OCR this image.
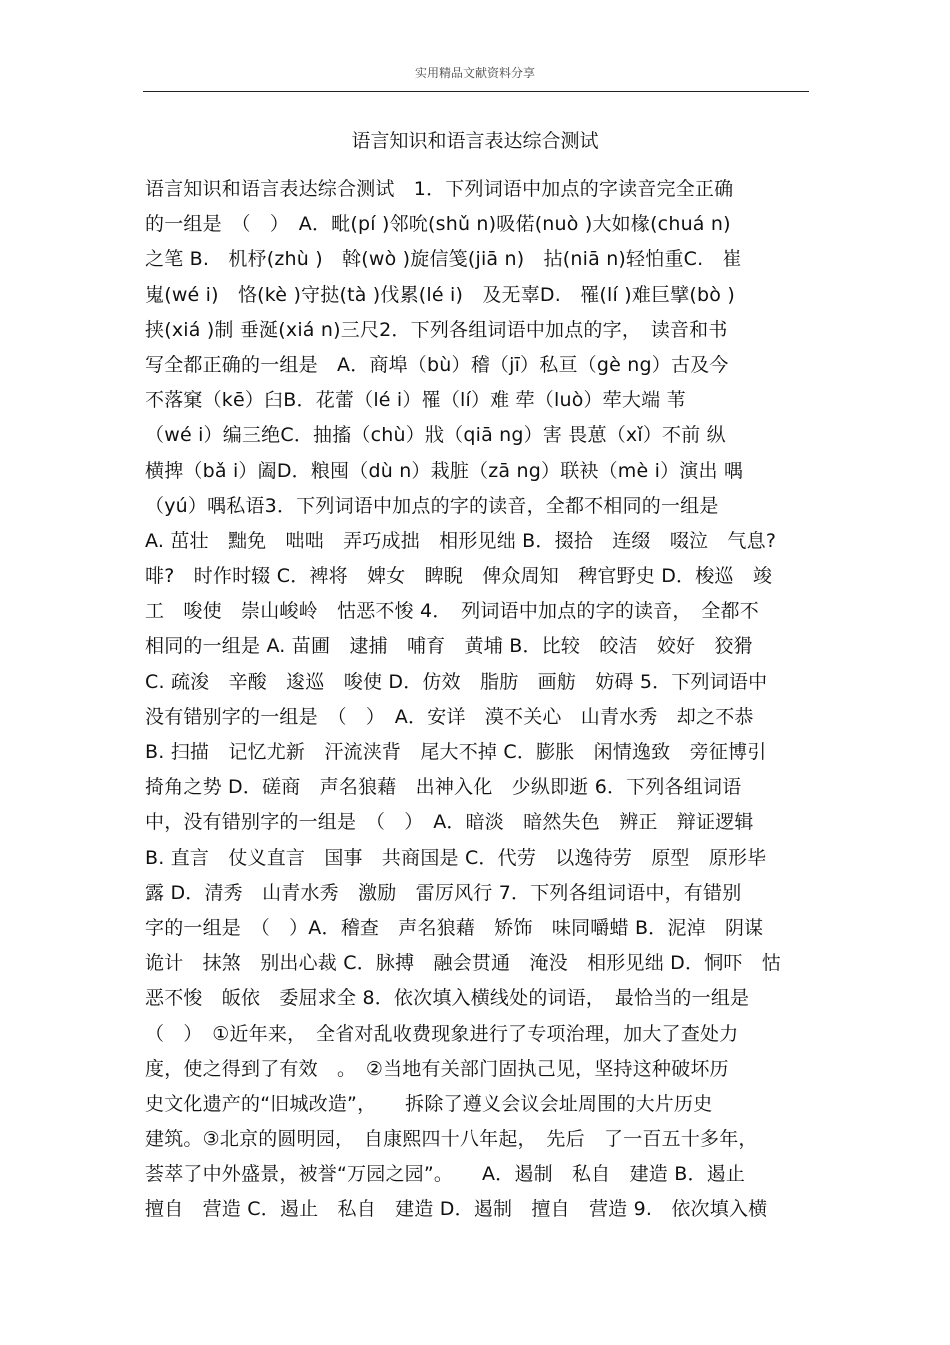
实用精品文献资料分享
语言知识和语言表达综合测试
语言知识和语言表达综合测试　1．下列词语中加点的字读音完全正确
的一组是　（　）　A．毗(pí )邻吮(shǔ n)吸偌(nuò )大如椽(chuá n)
之笔 B.　机杼(zhù )　斡(wò )旋信笺(jiā n)　拈(niā n)轻怕重C.　崔
嵬(wé i)　恪(kè )守挞(tà )伐累(lé i)　及无辜D.　罹(lí )难巨擘(bò )
挟(xiá )制 垂涎(xiá n)三尺2．下列各组词语中加点的字，　读音和书
写全都正确的一组是　A．商埠（bù）稽（jī）私亘（gè ng）古及今
不落窠（kē）臼B．花蕾（lé i）罹（lí）难 荦（luò）荦大端 苇
（wé i）编三绝C．抽搐（chù）戕（qiā ng）害 畏葸（xǐ）不前 纵
横捭（bǎ i）阖D．粮囤（dù n）栽脏（zā ng）联袂（mè i）演出 喁
（yú）喁私语3．下列词语中加点的字的读音，全都不相同的一组是
A. 茁壮　黜免　咄咄　弄巧成拙　相形见绌 B．掇拾　连缀　啜泣　气息?
啡?　时作时辍 C．裨将　婢女　睥睨　俾众周知　稗官野史 D．梭巡　竣
工　唆使　崇山峻岭　怙恶不悛 4．　列词语中加点的字的读音，　全都不
相同的一组是 A. 苗圃　逮捕　哺育　黄埔 B．比较　皎洁　姣好　狡猾
C. 疏浚　辛酸　逡巡　唆使 D．仿效　脂肪　画舫　妨碍 5．下列词语中
没有错别字的一组是　（　）　A．安详　漠不关心　山青水秀　却之不恭
B. 扫描　记忆尤新　汗流浃背　尾大不掉 C．膨胀　闲情逸致　旁征博引
掎角之势 D．磋商　声名狼藉　出神入化　少纵即逝 6．下列各组词语
中，没有错别字的一组是　（　）　A．暗淡　暗然失色　辨正　辩证逻辑
B. 直言　仗义直言　国事　共商国是 C．代劳　以逸待劳　原型　原形毕
露 D．清秀　山青水秀　激励　雷厉风行 7．下列各组词语中，有错别
字的一组是　（　）A．稽查　声名狼藉　矫饰　味同嚼蜡 B．泥淖　阴谋
诡计　抹煞　别出心裁 C．脉搏　融会贯通　淹没　相形见绌 D．恫吓　怙
恶不悛　皈依　委屈求全 8．依次填入横线处的词语，　最恰当的一组是
（　）　①近年来，　全省对乱收费现象进行了专项治理，加大了查处力
度，使之得到了有效　。　②当地有关部门固执己见，坚持这种破坏历
史文化遗产的“旧城改造”，　　拆除了遵义会议会址周围的大片历史
建筑。③北京的圆明园，　自康熙四十八年起，　先后　了一百五十多年，
荟萃了中外盛景，被誉“万园之园”。　　A．遏制　私自　建造 B．遏止
擅自　营造 C．遏止　私自　建造 D．遏制　擅自　营造 9.　依次填入横
